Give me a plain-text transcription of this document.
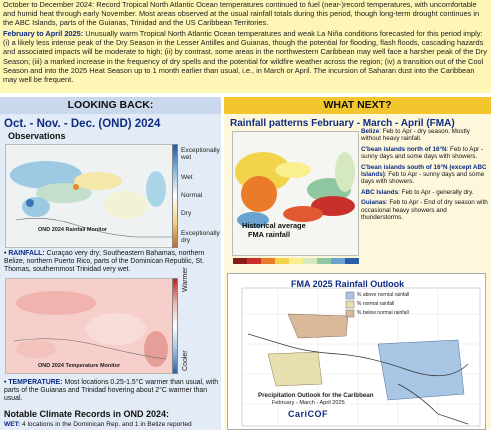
October to December 2024: Record Tropical North Atlantic Ocean temperatures continued to fuel (near-)record temperatures, with uncomfortable and humid heat through early November. Most areas observed at the usual rainfall totals during this period, though long-term drought continues in the ABC Islands, parts of the Guianas, Trinidad and the US Caribbean Territories.

February to April 2025: Unusually warm Tropical North Atlantic Ocean temperatures and weak La Niña conditions forecasted for this period imply: (i) a likely less intense peak of the Dry Season in the Lesser Antilles and Guianas, though the potential for flooding, flash floods, cascading hazards and associated impacts will be moderate to high; (ii) by contrast, some areas in the northwestern Caribbean may well face a harsher peak of the Dry Season; (iii) a marked increase in the frequency of dry spells and the potential for wildfire weather across the region; (iv) a transition out of the Cool Season and into the 2025 Heat Season up to 1 month earlier than usual, i.e., in March or April. The incursion of Saharan dust into the Caribbean may well be frequent.

LOOKING BACK:	WHAT NEXT?
Oct. - Nov. - Dec. (OND) 2024
Observations
Exceptionally wet
Wet
Normal
Dry
Exceptionally dry
OND 2024 Rainfall Monitor
• RAINFALL: Curaçao very dry; Southeastern Bahamas, northern Belize, northern Puerto Rico, parts of the Dominican Republic, St. Thomas, southernmost Trinidad very wet.	Warmer
Cooler
OND 2024 Temperature Monitor
• TEMPERATURE: Most locations 0.25-1.5°C warmer than usual, with parts of the Guianas and Trinidad hovering about 2°C warmer than usual.
Notable Climate Records in OND 2024:
WET: 4 locations in the Dominican Rep. and 1 in Belize reported
Rainfall patterns February - March - April (FMA)
Historical average
FMA rainfall
Belize: Feb to Apr - dry season. Mostly without heavy rainfall.
C'bean islands north of 16°N: Feb to Apr - sunny days and some days with showers.
C'bean islands south of 16°N (except ABC Islands): Feb to Apr - sunny days and some days with showers.
ABC Islands: Feb to Apr - generally dry.
Guianas: Feb to Apr - End of dry season with occasional heavy showers and thunderstorms.
% above normal rainfall
% normal rainfall
% below normal rainfall
Precipitation Outlook for the Caribbean
February - March - April 2025
CariCOF
FMA 2025 Rainfall Outlook
